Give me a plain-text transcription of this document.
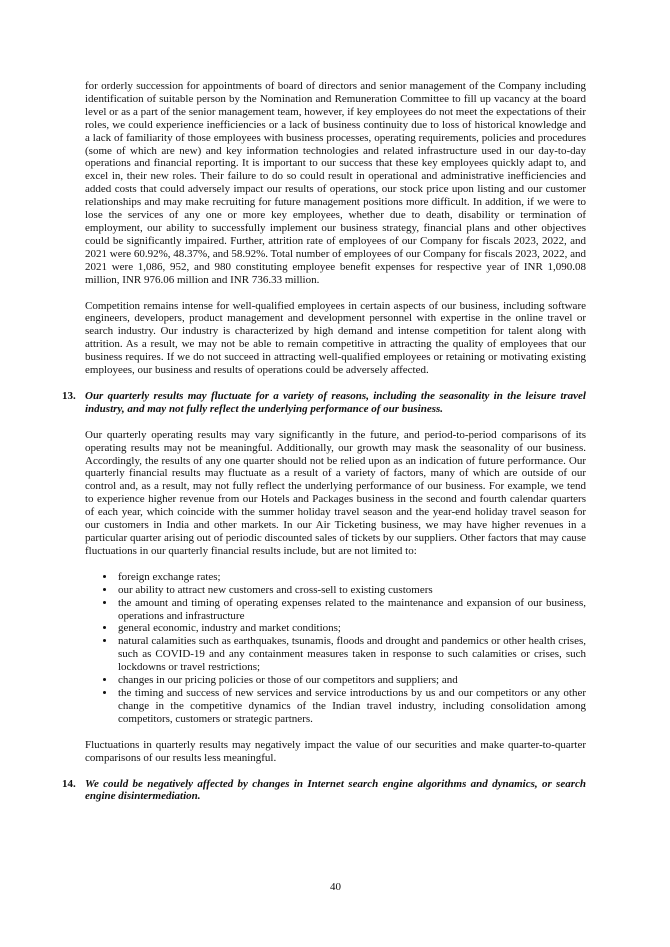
for orderly succession for appointments of board of directors and senior management of the Company including identification of suitable person by the Nomination and Remuneration Committee to fill up vacancy at the board level or as a part of the senior management team, however, if key employees do not meet the expectations of their roles, we could experience inefficiencies or a lack of business continuity due to loss of historical knowledge and a lack of familiarity of those employees with business processes, operating requirements, policies and procedures (some of which are new) and key information technologies and related infrastructure used in our day-to-day operations and financial reporting. It is important to our success that these key employees quickly adapt to, and excel in, their new roles. Their failure to do so could result in operational and administrative inefficiencies and added costs that could adversely impact our results of operations, our stock price upon listing and our customer relationships and may make recruiting for future management positions more difficult. In addition, if we were to lose the services of any one or more key employees, whether due to death, disability or termination of employment, our ability to successfully implement our business strategy, financial plans and other objectives could be significantly impaired. Further, attrition rate of employees of our Company for fiscals 2023, 2022, and 2021 were 60.92%, 48.37%, and 58.92%. Total number of employees of our Company for fiscals 2023, 2022, and 2021 were 1,086, 952, and 980 constituting employee benefit expenses for respective year of INR 1,090.08 million, INR 976.06 million and INR 736.33 million.

Competition remains intense for well-qualified employees in certain aspects of our business, including software engineers, developers, product management and development personnel with expertise in the online travel or search industry. Our industry is characterized by high demand and intense competition for talent along with attrition. As a result, we may not be able to remain competitive in attracting the quality of employees that our business requires. If we do not succeed in attracting well-qualified employees or retaining or motivating existing employees, our business and results of operations could be adversely affected.

13. Our quarterly results may fluctuate for a variety of reasons, including the seasonality in the leisure travel industry, and may not fully reflect the underlying performance of our business.

Our quarterly operating results may vary significantly in the future, and period-to-period comparisons of its operating results may not be meaningful. Additionally, our growth may mask the seasonality of our business. Accordingly, the results of any one quarter should not be relied upon as an indication of future performance. Our quarterly financial results may fluctuate as a result of a variety of factors, many of which are outside of our control and, as a result, may not fully reflect the underlying performance of our business. For example, we tend to experience higher revenue from our Hotels and Packages business in the second and fourth calendar quarters of each year, which coincide with the summer holiday travel season and the year-end holiday travel season for our customers in India and other markets. In our Air Ticketing business, we may have higher revenues in a particular quarter arising out of periodic discounted sales of tickets by our suppliers. Other factors that may cause fluctuations in our quarterly financial results include, but are not limited to:

• foreign exchange rates;
• our ability to attract new customers and cross-sell to existing customers
• the amount and timing of operating expenses related to the maintenance and expansion of our business, operations and infrastructure
• general economic, industry and market conditions;
• natural calamities such as earthquakes, tsunamis, floods and drought and pandemics or other health crises, such as COVID-19 and any containment measures taken in response to such calamities or crises, such lockdowns or travel restrictions;
• changes in our pricing policies or those of our competitors and suppliers; and
• the timing and success of new services and service introductions by us and our competitors or any other change in the competitive dynamics of the Indian travel industry, including consolidation among competitors, customers or strategic partners.

Fluctuations in quarterly results may negatively impact the value of our securities and make quarter-to-quarter comparisons of our results less meaningful.

14. We could be negatively affected by changes in Internet search engine algorithms and dynamics, or search engine disintermediation.

40
